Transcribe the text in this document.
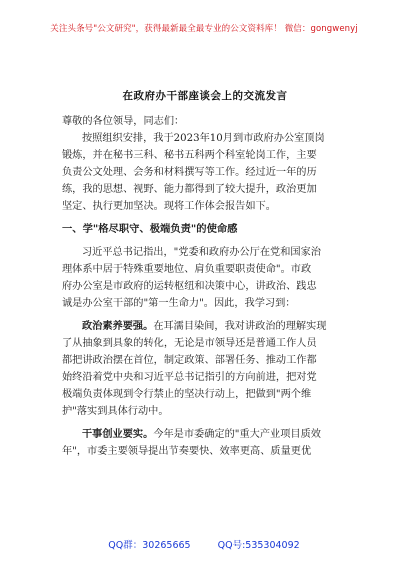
关注头条号"公文研究"，获得最新最全最专业的公文资料库！ 微信：gongwenyj
在政府办干部座谈会上的交流发言

尊敬的各位领导，同志们：

按照组织安排，我于2023年10月到市政府办公室顶岗

锻炼，并在秘书三科、秘书五科两个科室轮岗工作，主要

负责公文处理、会务和材料撰写等工作。经过近一年的历

练，我的思想、视野、能力都得到了较大提升，政治更加

坚定、执行更加坚决。现将工作体会报告如下。

一、学"格尽职守、极端负责"的使命感

习近平总书记指出，"党委和政府办公厅在党和国家治

理体系中居于特殊重要地位、肩负重要职责使命"。市政

府办公室是市政府的运转枢纽和决策中心，讲政治、践忠

诚是办公室干部的"第一生命力"。因此，我学习到：

政治素养要强。在耳濡目染间，我对讲政治的理解实现

了从抽象到具象的转化，无论是市领导还是普通工作人员

都把讲政治摆在首位，制定政策、部署任务、推动工作都

始终沿着党中央和习近平总书记指引的方向前进，把对党

极端负责体现到令行禁止的坚决行动上，把做到"两个维

护"落实到具体行动中。

干事创业要实。今年是市委确定的"重大产业项目质效

年"，市委主要领导提出节奏要快、效率更高、质量更优

QQ群：30265665	QQ号:535304092
